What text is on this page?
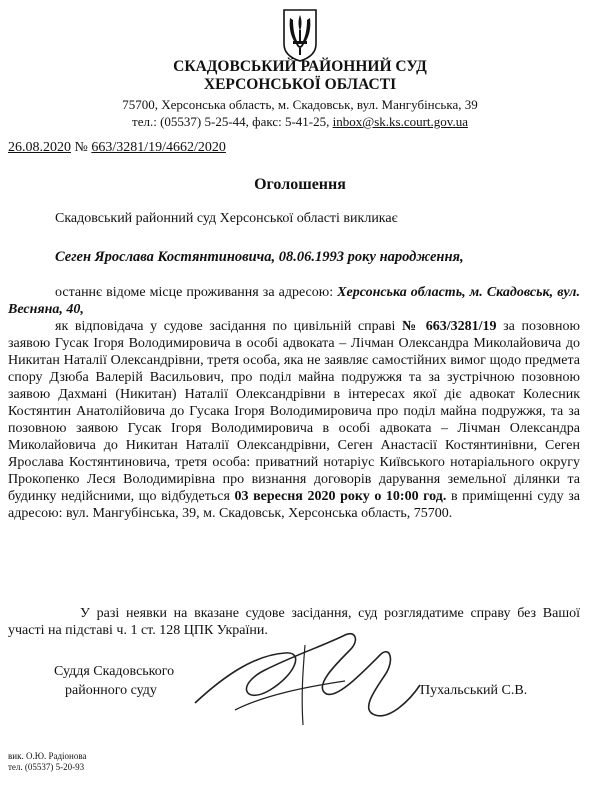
СКАДОВСЬКИЙ РАЙОННИЙ СУД
ХЕРСОНСЬКОЇ ОБЛАСТІ
75700, Херсонська область, м. Скадовськ, вул. Мангубінська, 39
тел.: (05537) 5-25-44, факс: 5-41-25, inbox@sk.ks.court.gov.ua
26.08.2020 № 663/3281/19/4662/2020
Оголошення
Скадовський районний суд Херсонської області викликає
Сеген Ярослава Костянтиновича, 08.06.1993 року народження,

останнє відоме місце проживання за адресою: Херсонська область, м. Скадовськ, вул. Весняна, 40,

як відповідача у судове засідання по цивільній справі № 663/3281/19 за позовною заявою Гусак Ігоря Володимировича в особі адвоката – Лічман Олександра Миколайовича до Никитан Наталії Олександрівни, третя особа, яка не заявляє самостійних вимог щодо предмета спору Дзюба Валерій Васильович, про поділ майна подружжя та за зустрічною позовною заявою Дахмані (Никитан) Наталії Олександрівни в інтересах якої діє адвокат Колесник Костянтин Анатолійовича до Гусака Ігоря Володимировича про поділ майна подружжя, та за позовною заявою Гусак Ігоря Володимировича в особі адвоката – Лічман Олександра Миколайовича до Никитан Наталії Олександрівни, Сеген Анастасії Костянтинівни, Сеген Ярослава Костянтиновича, третя особа: приватний нотаріус Київського нотаріального округу Прокопенко Леся Володимирівна про визнання договорів дарування земельної ділянки та будинку недійсними, що відбудеться 03 вересня 2020 року о 10:00 год. в приміщенні суду за адресою: вул. Мангубінська, 39, м. Скадовськ, Херсонська область, 75700.

У разі неявки на вказане судове засідання, суд розглядатиме справу без Вашої участі на підставі ч. 1 ст. 128 ЦПК України.

Суддя Скадовського
районного суду	Пухальський С.В.
вик. О.Ю. Радіонова
тел. (05537) 5-20-93
